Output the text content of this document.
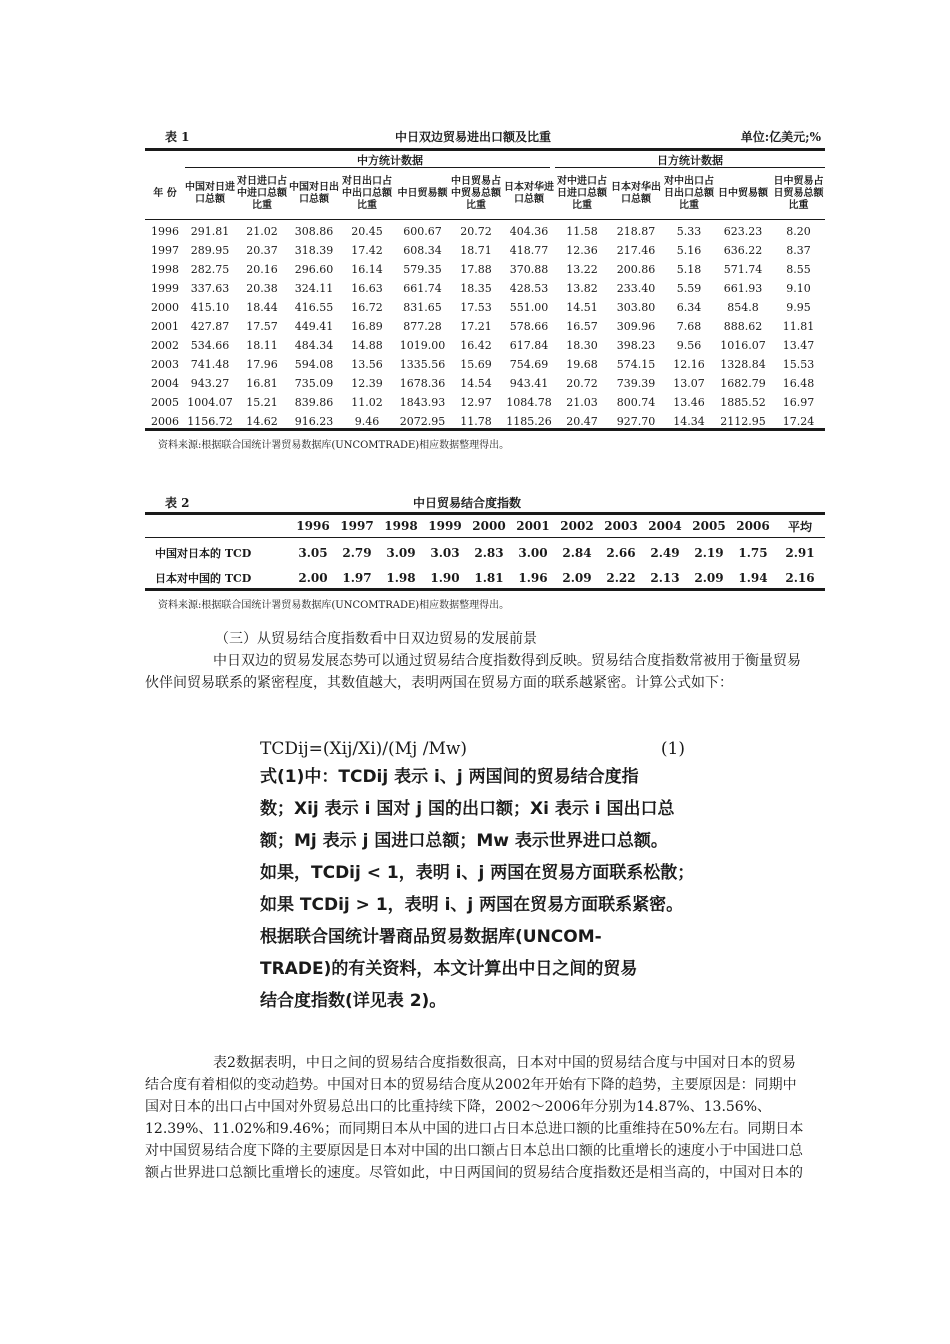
表 1	中日双边贸易进出口额及比重	单位:亿美元;%
中方统计数据	日方统计数据
年 份	中国对日进口总额	对日进口占中进口总额比重	中国对日出口总额	对日出口占中出口总额比重	中日贸易额	中日贸易占中贸易总额比重	日本对华进口总额	对中进口占日进口总额比重	日本对华出口总额	对中出口占日出口总额比重	日中贸易额	日中贸易占日贸易总额比重
1996	291.81	21.02	308.86	20.45	600.67	20.72	404.36	11.58	218.87	5.33	623.23	8.20
1997	289.95	20.37	318.39	17.42	608.34	18.71	418.77	12.36	217.46	5.16	636.22	8.37
1998	282.75	20.16	296.60	16.14	579.35	17.88	370.88	13.22	200.86	5.18	571.74	8.55
1999	337.63	20.38	324.11	16.63	661.74	18.35	428.53	13.82	233.40	5.59	661.93	9.10
2000	415.10	18.44	416.55	16.72	831.65	17.53	551.00	14.51	303.80	6.34	854.8	9.95
2001	427.87	17.57	449.41	16.89	877.28	17.21	578.66	16.57	309.96	7.68	888.62	11.81
2002	534.66	18.11	484.34	14.88	1019.00	16.42	617.84	18.30	398.23	9.56	1016.07	13.47
2003	741.48	17.96	594.08	13.56	1335.56	15.69	754.69	19.68	574.15	12.16	1328.84	15.53
2004	943.27	16.81	735.09	12.39	1678.36	14.54	943.41	20.72	739.39	13.07	1682.79	16.48
2005	1004.07	15.21	839.86	11.02	1843.93	12.97	1084.78	21.03	800.74	13.46	1885.52	16.97
2006	1156.72	14.62	916.23	9.46	2072.95	11.78	1185.26	20.47	927.70	14.34	2112.95	17.24
资料来源:根据联合国统计署贸易数据库(UNCOMTRADE)相应数据整理得出。
表 2	中日贸易结合度指数
	1996	1997	1998	1999	2000	2001	2002	2003	2004	2005	2006	平均
中国对日本的 TCD	3.05	2.79	3.09	3.03	2.83	3.00	2.84	2.66	2.49	2.19	1.75	2.91
日本对中国的 TCD	2.00	1.97	1.98	1.90	1.81	1.96	2.09	2.22	2.13	2.09	1.94	2.16
资料来源:根据联合国统计署贸易数据库(UNCOMTRADE)相应数据整理得出。
（三）从贸易结合度指数看中日双边贸易的发展前景
中日双边的贸易发展态势可以通过贸易结合度指数得到反映。贸易结合度指数常被用于衡量贸易伙伴间贸易联系的紧密程度，其数值越大，表明两国在贸易方面的联系越紧密。计算公式如下：
TCDij=(Xij/Xi)/(Mj /Mw)	(1)
式(1)中：TCDij 表示 i、j 两国间的贸易结合度指
数；Xij 表示 i 国对 j 国的出口额；Xi 表示 i 国出口总
额；Mj 表示 j 国进口总额；Mw 表示世界进口总额。
如果，TCDij < 1，表明 i、j 两国在贸易方面联系松散；
如果 TCDij > 1，表明 i、j 两国在贸易方面联系紧密。
根据联合国统计署商品贸易数据库(UNCOM-
TRADE)的有关资料，本文计算出中日之间的贸易
结合度指数(详见表 2)。
表2数据表明，中日之间的贸易结合度指数很高，日本对中国的贸易结合度与中国对日本的贸易结合度有着相似的变动趋势。中国对日本的贸易结合度从2002年开始有下降的趋势，主要原因是：同期中国对日本的出口占中国对外贸易总出口的比重持续下降，2002～2006年分别为14.87%、13.56%、12.39%、11.02%和9.46%；而同期日本从中国的进口占日本总进口额的比重维持在50%左右。同期日本对中国贸易结合度下降的主要原因是日本对中国的出口额占日本总出口额的比重增长的速度小于中国进口总额占世界进口总额比重增长的速度。尽管如此，中日两国间的贸易结合度指数还是相当高的，中国对日本的
